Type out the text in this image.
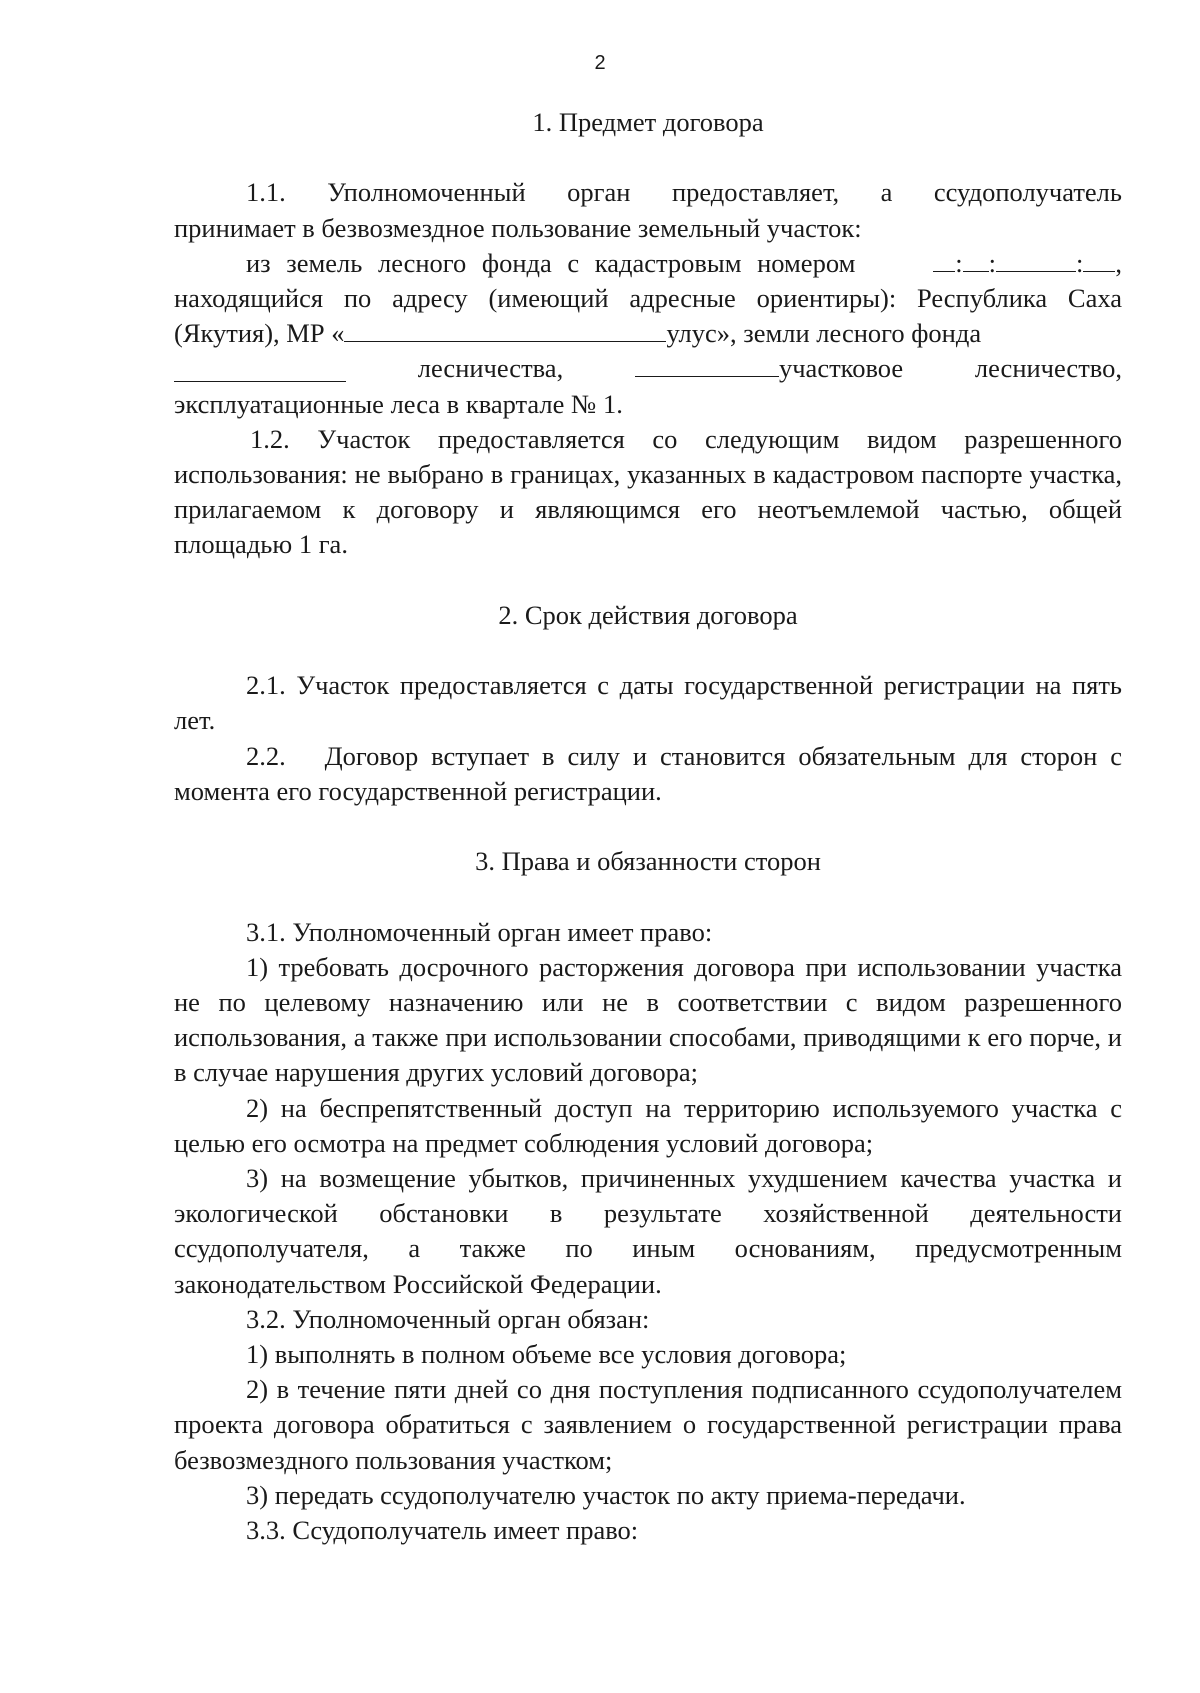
2

1. Предмет договора

1.1. Уполномоченный орган предоставляет, а ссудополучатель

принимает в безвозмездное пользование земельный участок:

из земель лесного фонда с кадастровым номером	: :	: ,

находящийся по адресу (имеющий адресные ориентиры): Республика Саха

(Якутия), МР «	улус», земли лесного фонда
лесничества,	участковое	лесничество,

эксплуатационные леса в квартале № 1.

1.2. Участок предоставляется со следующим видом разрешенного использования: не выбрано в границах, указанных в кадастровом паспорте участка, прилагаемом к договору и являющимся его неотъемлемой частью, общей площадью 1 га.

2. Срок действия договора

2.1. Участок предоставляется с даты государственной регистрации на пять лет.

2.2.   Договор вступает в силу и становится обязательным для сторон с момента его государственной регистрации.

3. Права и обязанности сторон

3.1. Уполномоченный орган имеет право:

1) требовать досрочного расторжения договора при использовании участка не по целевому назначению или не в соответствии с видом разрешенного использования, а также при использовании способами, приводящими к его порче, и в случае нарушения других условий договора;

2) на беспрепятственный доступ на территорию используемого участка с целью его осмотра на предмет соблюдения условий договора;

3) на возмещение убытков, причиненных ухудшением качества участка и экологической обстановки в результате хозяйственной деятельности ссудополучателя, а также по иным основаниям, предусмотренным законодательством Российской Федерации.

3.2. Уполномоченный орган обязан:

1) выполнять в полном объеме все условия договора;

2) в течение пяти дней со дня поступления подписанного ссудополучателем проекта договора обратиться с заявлением о государственной регистрации права безвозмездного пользования участком;

3) передать ссудополучателю участок по акту приема-передачи.

3.3. Ссудополучатель имеет право:
